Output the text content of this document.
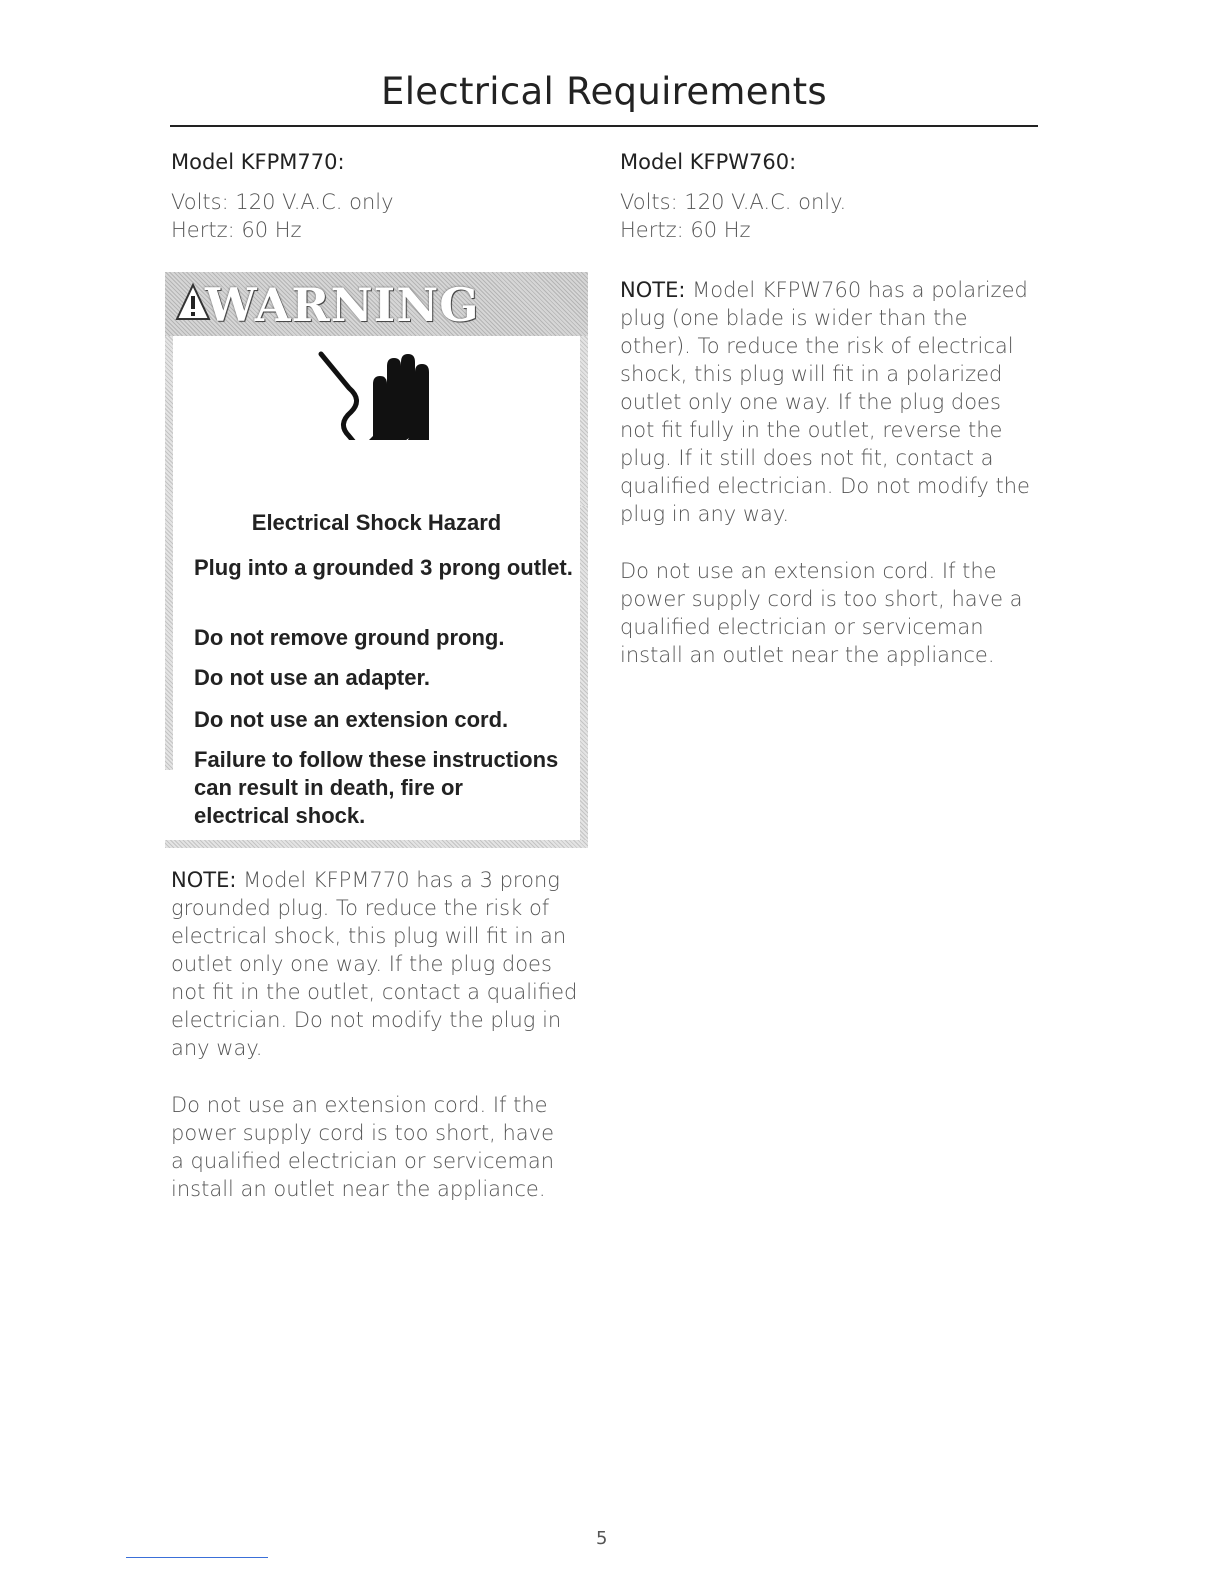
Electrical Requirements
Model KFPM770:

Volts: 120 V.A.C. only

Hertz: 60 Hz

WARNING
Electrical Shock Hazard

Plug into a grounded 3 prong outlet.

Do not remove ground prong.

Do not use an adapter.

Do not use an extension cord.

Failure to follow these instructions can result in death, fire or electrical shock.

NOTE: Model KFPM770 has a 3 prong grounded plug. To reduce the risk of electrical shock, this plug will fit in an outlet only one way. If the plug does not fit in the outlet, contact a qualified electrician. Do not modify the plug in any way.

Do not use an extension cord. If the power supply cord is too short, have a qualified electrician or serviceman install an outlet near the appliance.

Model KFPW760:

Volts: 120 V.A.C. only.

Hertz: 60 Hz

NOTE: Model KFPW760 has a polarized plug (one blade is wider than the other). To reduce the risk of electrical shock, this plug will fit in a polarized outlet only one way. If the plug does not fit fully in the outlet, reverse the plug. If it still does not fit, contact a qualified electrician. Do not modify the plug in any way.

Do not use an extension cord. If the power supply cord is too short, have a qualified electrician or serviceman install an outlet near the appliance.

5
